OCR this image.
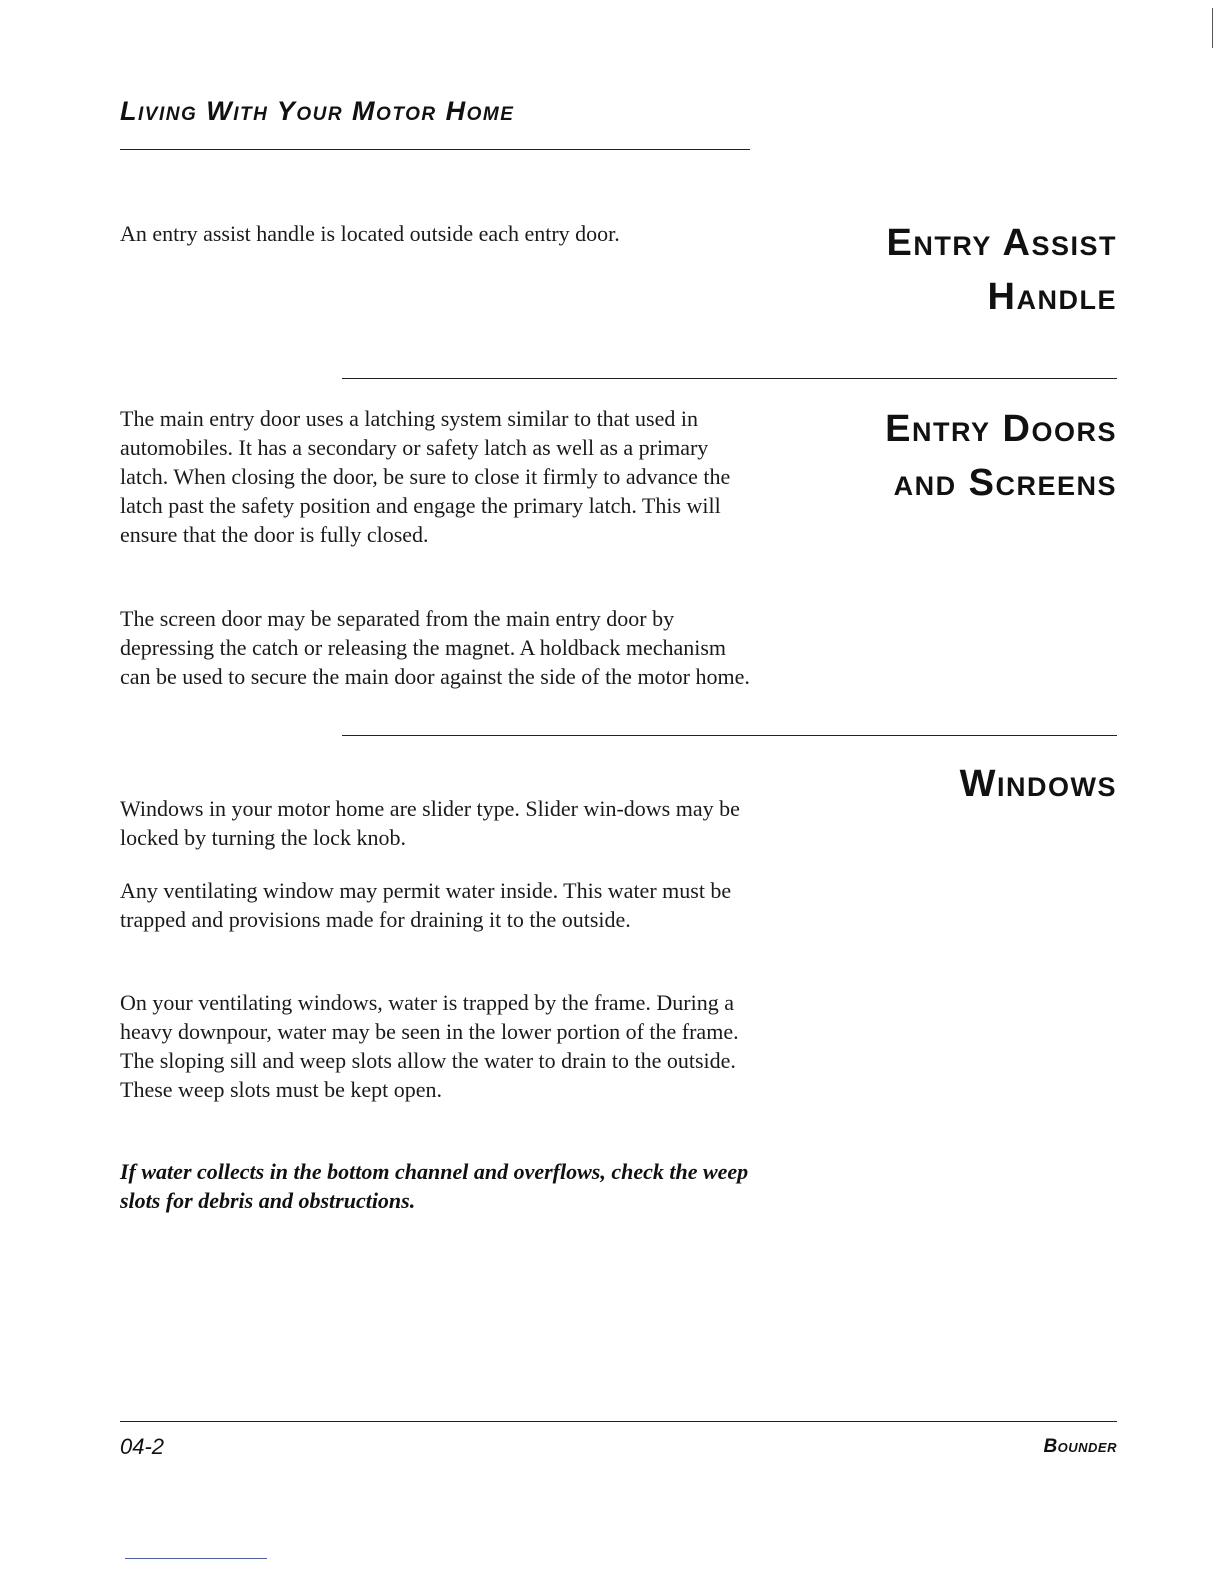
Living With Your Motor Home

An entry assist handle is located outside each entry door.	Entry Assist
Handle

The main entry door uses a latching system similar to that used in automobiles. It has a secondary or safety latch as well as a primary latch. When closing the door, be sure to close it firmly to advance the latch past the safety position and engage the primary latch. This will ensure that the door is fully closed.

The screen door may be separated from the main entry door by depressing the catch or releasing the magnet. A holdback mechanism can be used to secure the main door against the side of the motor home.

Entry Doors
and Screens
Windows

Windows in your motor home are slider type. Slider win-dows may be locked by turning the lock knob.

Any ventilating window may permit water inside. This water must be trapped and provisions made for draining it to the outside.

On your ventilating windows, water is trapped by the frame. During a heavy downpour, water may be seen in the lower portion of the frame. The sloping sill and weep slots allow the water to drain to the outside. These weep slots must be kept open.

If water collects in the bottom channel and overflows, check the weep slots for debris and obstructions.

04-2	Bounder
